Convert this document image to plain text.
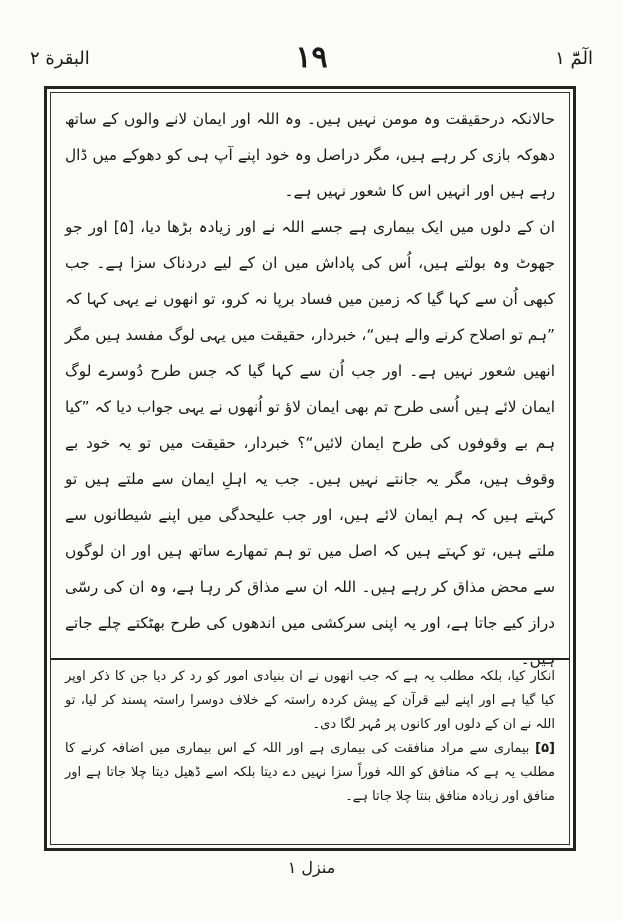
البقرة ۲	۱۹	الٓمّٓ ۱

حالانکہ درحقیقت وہ مومن نہیں ہیں۔ وہ اللہ اور ایمان لانے والوں کے ساتھ دھوکہ بازی کر رہے ہیں، مگر دراصل وہ خود اپنے آپ ہی کو دھوکے میں ڈال رہے ہیں اور انہیں اس کا شعور نہیں ہے۔

ان کے دلوں میں ایک بیماری ہے جسے اللہ نے اور زیادہ بڑھا دیا، [۵] اور جو جھوٹ وہ بولتے ہیں، اُس کی پاداش میں ان کے لیے دردناک سزا ہے۔ جب کبھی اُن سے کہا گیا کہ زمین میں فساد برپا نہ کرو، تو انھوں نے یہی کہا کہ ”ہم تو اصلاح کرنے والے ہیں“، خبردار، حقیقت میں یہی لوگ مفسد ہیں مگر انھیں شعور نہیں ہے۔ اور جب اُن سے کہا گیا کہ جس طرح دُوسرے لوگ ایمان لائے ہیں اُسی طرح تم بھی ایمان لاؤ تو اُنھوں نے یہی جواب دیا کہ ”کیا ہم بے وقوفوں کی طرح ایمان لائیں“؟ خبردار، حقیقت میں تو یہ خود بے وقوف ہیں، مگر یہ جانتے نہیں ہیں۔ جب یہ اہلِ ایمان سے ملتے ہیں تو کہتے ہیں کہ ہم ایمان لائے ہیں، اور جب علیحدگی میں اپنے شیطانوں سے ملتے ہیں، تو کہتے ہیں کہ اصل میں تو ہم تمھارے ساتھ ہیں اور ان لوگوں سے محض مذاق کر رہے ہیں۔ اللہ ان سے مذاق کر رہا ہے، وہ ان کی رسّی دراز کیے جاتا ہے، اور یہ اپنی سرکشی میں اندھوں کی طرح بھٹکتے چلے جاتے ہیں۔

انکار کیا، بلکہ مطلب یہ ہے کہ جب انھوں نے ان بنیادی امور کو رد کر دیا جن کا ذکر اوپر کیا گیا ہے اور اپنے لیے قرآن کے پیش کردہ راستہ کے خلاف دوسرا راستہ پسند کر لیا، تو اللہ نے ان کے دلوں اور کانوں پر مُہر لگا دی۔

[۵] بیماری سے مراد منافقت کی بیماری ہے اور اللہ کے اس بیماری میں اضافہ کرنے کا مطلب یہ ہے کہ منافق کو اللہ فوراً سزا نہیں دے دیتا بلکہ اسے ڈھیل دیتا چلا جاتا ہے اور منافق اور زیادہ منافق بنتا چلا جاتا ہے۔

منزل ۱
